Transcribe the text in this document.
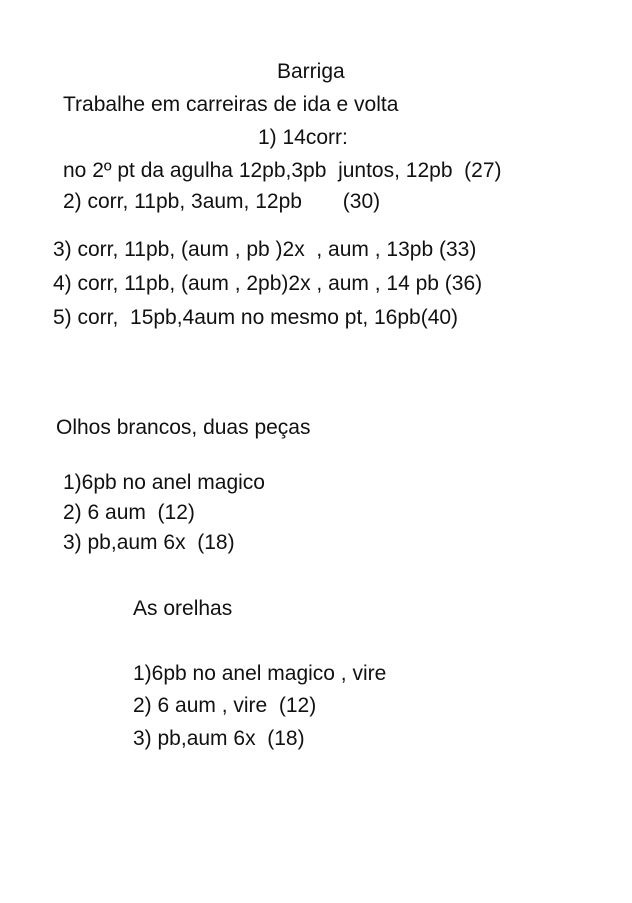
Barriga
Trabalhe em carreiras de ida e volta
1) 14corr:
no 2º pt da agulha 12pb,3pb  juntos, 12pb  (27)
2) corr, 11pb, 3aum, 12pb       (30)
3) corr, 11pb, (aum , pb )2x  , aum , 13pb (33)
4) corr, 11pb, (aum , 2pb)2x , aum , 14 pb (36)
5) corr,  15pb,4aum no mesmo pt, 16pb(40)
Olhos brancos, duas peças
1)6pb no anel magico
2) 6 aum  (12)
3) pb,aum 6x  (18)
As orelhas
1)6pb no anel magico , vire
2) 6 aum , vire  (12)
3) pb,aum 6x  (18)
